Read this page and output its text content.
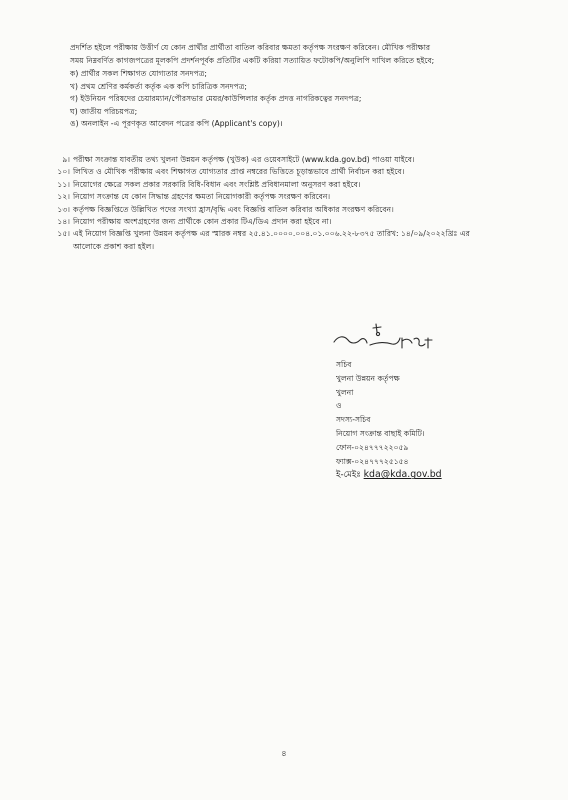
প্রদর্শিত হইলে পরীক্ষায় উত্তীর্ণ যে কোন প্রার্থীর প্রার্থীতা বাতিল করিবার ক্ষমতা কর্তৃপক্ষ সংরক্ষণ করিবেন। মৌখিক পরীক্ষার
সময় নিম্নবর্ণিত কাগজপত্রের মূলকপি প্রদর্শনপূর্বক প্রতিটির একটি করিয়া সত্যায়িত ফটোকপি/অনুলিপি দাখিল করিতে হইবে;
ক) প্রার্থীর সকল শিক্ষাগত যোগ্যতার সনদপত্র;
খ) প্রথম শ্রেণির কর্মকর্তা কর্তৃক এক কপি চারিত্রিক সনদপত্র;
গ) ইউনিয়ন পরিষদের চেয়ারম্যান/পৌরসভার মেয়র/কাউন্সিলার কর্তৃক প্রদত্ত নাগরিকত্বের সনদপত্র;
ঘ) জাতীয় পরিচয়পত্র;
ঙ) অনলাইন -এ পূরণকৃত আবেদন পত্রের কপি (Applicant's copy)।
৯। পরীক্ষা সংক্রান্ত যাবতীয় তথ্য খুলনা উন্নয়ন কর্তৃপক্ষ (খুউক) এর ওয়েবসাইটে (www.kda.gov.bd) পাওয়া যাইবে।
১০। লিখিত ও মৌখিক পরীক্ষায় এবং শিক্ষাগত যোগ্যতার প্রাপ্ত নম্বরের ভিত্তিতে চূড়ান্তভাবে প্রার্থী নির্বাচন করা হইবে।
১১। নিয়োগের ক্ষেত্রে সকল প্রকার সরকারি বিধি-বিধান এবং সংশ্লিষ্ট প্রবিধানমালা অনুসরণ করা হইবে।
১২। নিয়োগ সংক্রান্ত যে কোন সিদ্ধান্ত গ্রহণের ক্ষমতা নিয়োগকারী কর্তৃপক্ষ সংরক্ষণ করিবেন।
১৩। কর্তৃপক্ষ বিজ্ঞপ্তিতে উল্লিখিত পদের সংখ্যা হ্রাস/বৃদ্ধি এবং বিজ্ঞপ্তি বাতিল করিবার অধিকার সংরক্ষণ করিবেন।
১৪। নিয়োগ পরীক্ষায় অংশগ্রহণের জন্য প্রার্থীকে কোন প্রকার টিএ/ডিএ প্রদান করা হইবে না।
১৫। এই নিয়োগ বিজ্ঞপ্তি খুলনা উন্নয়ন কর্তৃপক্ষ এর স্মারক নম্বর ২৫.৪১.০০০০.০০৪.০১.০০৬.২২-৮৩৭৫ তারিখ: ১৪/০৯/২০২২খ্রিঃ এর
আলোকে প্রকাশ করা হইল।
সচিব
খুলনা উন্নয়ন কর্তৃপক্ষ
খুলনা
ও
সদস্য-সচিব
নিয়োগ সংক্রান্ত বাছাই কমিটি।
ফোন-০২৪৭৭৭২২০৫৯
ফ্যাক্স-০২৪৭৭৭২৫১৫৪
ই-মেইঃ kda@kda.gov.bd
৪
